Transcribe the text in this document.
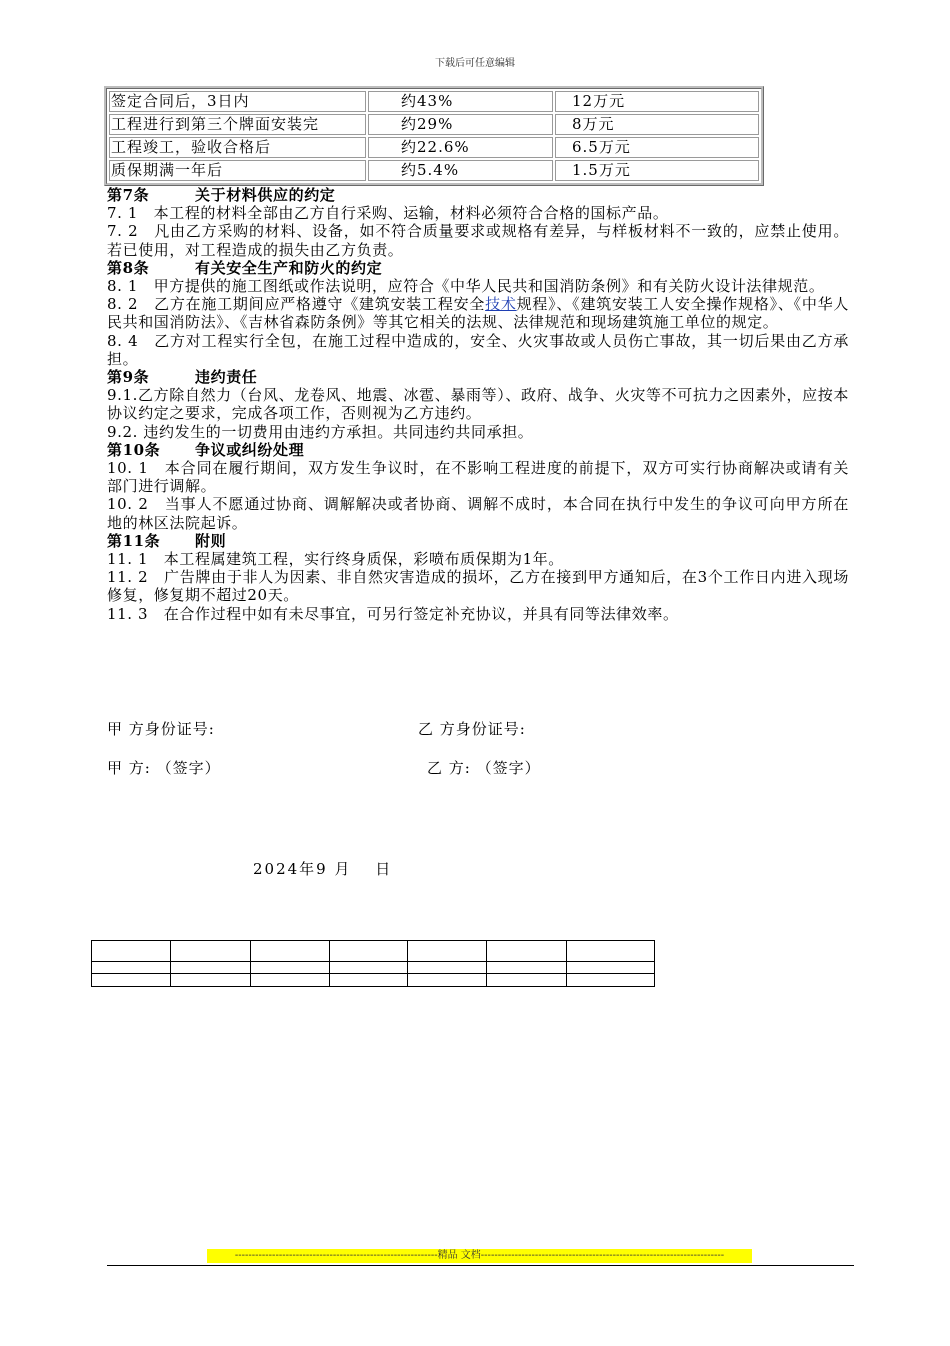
下载后可任意编辑
签定合同后，3日内	约43%	12万元
工程进行到第三个牌面安装完	约29%	8万元
工程竣工，验收合格后	约22.6%	6.5万元
质保期满一年后	约5.4%	1.5万元

第7条	关于材料供应的约定

7. 1　本工程的材料全部由乙方自行采购、运输，材料必须符合合格的国标产品。

7. 2　凡由乙方采购的材料、设备，如不符合质量要求或规格有差异，与样板材料不一致的，应禁止使用。若已使用，对工程造成的损失由乙方负责。

第8条	有关安全生产和防火的约定

8. 1　甲方提供的施工图纸或作法说明，应符合《中华人民共和国消防条例》和有关防火设计法律规范。

8. 2　乙方在施工期间应严格遵守《建筑安装工程安全技术规程》、《建筑安装工人安全操作规格》、《中华人民共和国消防法》、《吉林省森防条例》等其它相关的法规、法律规范和现场建筑施工单位的规定。

8. 4　乙方对工程实行全包，在施工过程中造成的，安全、火灾事故或人员伤亡事故，其一切后果由乙方承担。

第9条	违约责任

9.1.乙方除自然力（台风、龙卷风、地震、冰雹、暴雨等）、政府、战争、火灾等不可抗力之因素外，应按本协议约定之要求，完成各项工作，否则视为乙方违约。

9.2. 违约发生的一切费用由违约方承担。共同违约共同承担。

第10条 争议或纠纷处理

10. 1　本合同在履行期间，双方发生争议时，在不影响工程进度的前提下，双方可实行协商解决或请有关部门进行调解。

10. 2　当事人不愿通过协商、调解解决或者协商、调解不成时，本合同在执行中发生的争议可向甲方所在地的林区法院起诉。

第11条 附则

11. 1　本工程属建筑工程，实行终身质保，彩喷布质保期为1年。

11. 2　广告牌由于非人为因素、非自然灾害造成的损坏，乙方在接到甲方通知后，在3个工作日内进入现场修复，修复期不超过20天。

11. 3　在合作过程中如有未尽事宜，可另行签定补充协议，并具有同等法律效率。

甲 方身份证号:	乙 方身份证号:
甲 方: （签字）	乙 方: （签字）
2024年9 月　 日

------------------------------------------------------------精品 文档------------------------------------------------------------------------
